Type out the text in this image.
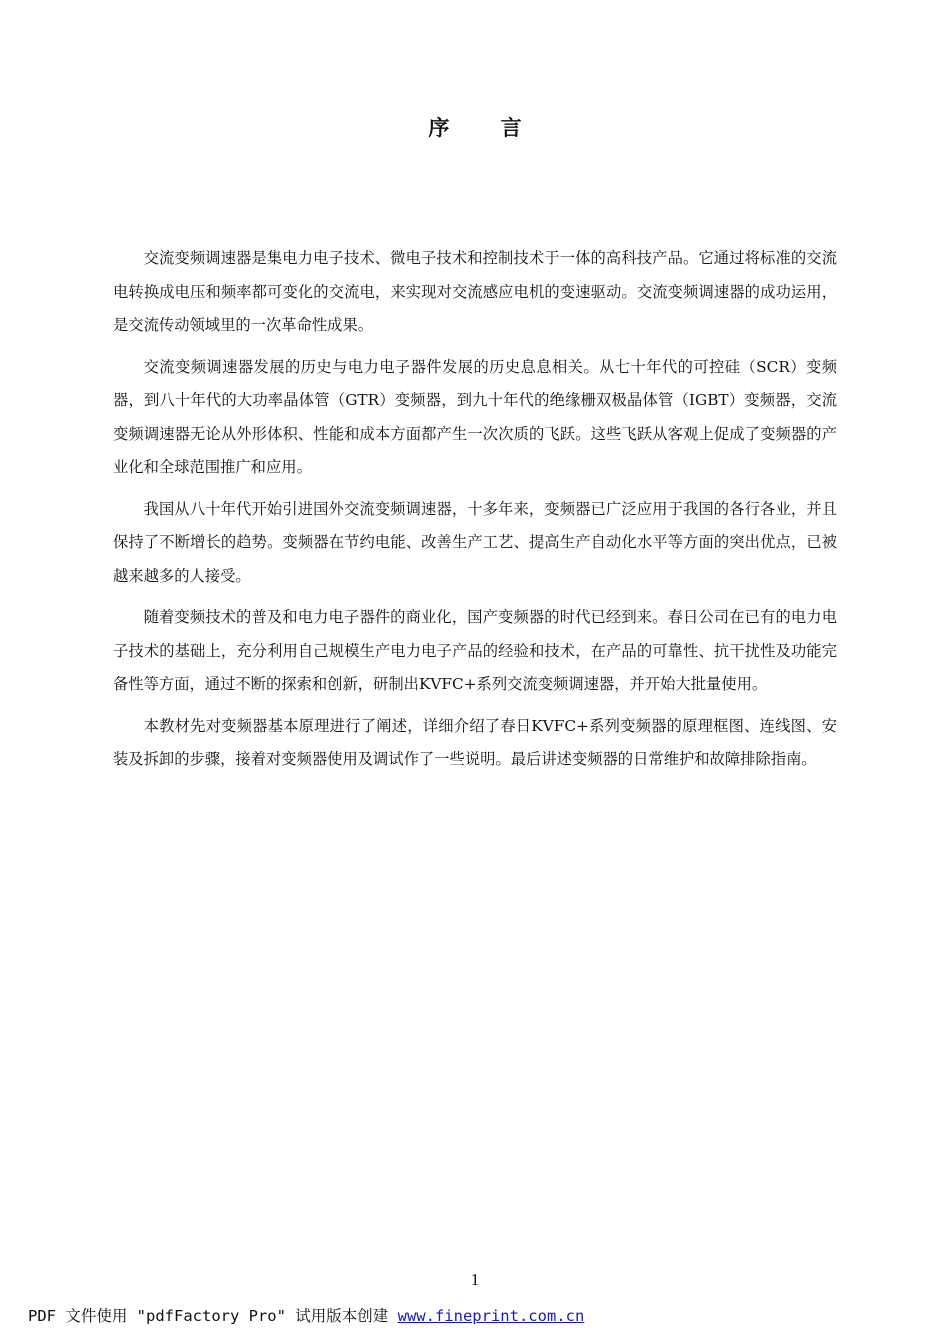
序 言

交流变频调速器是集电力电子技术、微电子技术和控制技术于一体的高科技产品。它通过将标准的交流电转换成电压和频率都可变化的交流电，来实现对交流感应电机的变速驱动。交流变频调速器的成功运用，是交流传动领域里的一次革命性成果。

交流变频调速器发展的历史与电力电子器件发展的历史息息相关。从七十年代的可控硅（SCR）变频器，到八十年代的大功率晶体管（GTR）变频器，到九十年代的绝缘栅双极晶体管（IGBT）变频器，交流变频调速器无论从外形体积、性能和成本方面都产生一次次质的飞跃。这些飞跃从客观上促成了变频器的产业化和全球范围推广和应用。

我国从八十年代开始引进国外交流变频调速器，十多年来，变频器已广泛应用于我国的各行各业，并且保持了不断增长的趋势。变频器在节约电能、改善生产工艺、提高生产自动化水平等方面的突出优点，已被越来越多的人接受。

随着变频技术的普及和电力电子器件的商业化，国产变频器的时代已经到来。春日公司在已有的电力电子技术的基础上，充分利用自己规模生产电力电子产品的经验和技术，在产品的可靠性、抗干扰性及功能完备性等方面，通过不断的探索和创新，研制出KVFC+系列交流变频调速器，并开始大批量使用。

本教材先对变频器基本原理进行了阐述，详细介绍了春日KVFC+系列变频器的原理框图、连线图、安装及拆卸的步骤，接着对变频器使用及调试作了一些说明。最后讲述变频器的日常维护和故障排除指南。

1
PDF 文件使用 "pdfFactory Pro" 试用版本创建 www.fineprint.com.cn
